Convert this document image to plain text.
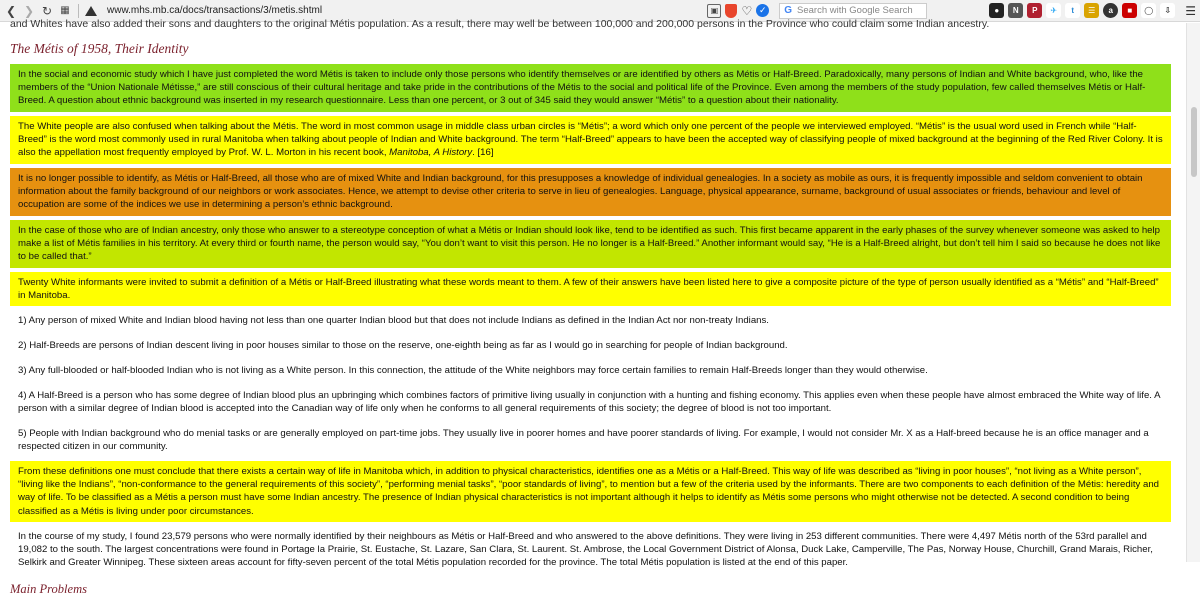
❮ ❯ ↻ ▦	www.mhs.mb.ca/docs/transactions/3/metis.shtml	▣ ♡ ✓ G Search with Google Search	●	N	P	✈	t	☰	a	■	◯	⇩	☰
and Whites have also added their sons and daughters to the original Métis population. As a result, there may well be between 100,000 and 200,000 persons in the Province who could claim some Indian ancestry.
The Métis of 1958, Their Identity
In the social and economic study which I have just completed the word Métis is taken to include only those persons who identify themselves or are identified by others as Métis or Half-Breed. Paradoxically, many persons of Indian and White background, who, like the members of the “Union Nationale Métisse,” are still conscious of their cultural heritage and take pride in the contributions of the Métis to the social and political life of the Province. Even among the members of the study population, few called themselves Métis or Half-Breed. A question about ethnic background was inserted in my research questionnaire. Less than one percent, or 3 out of 345 said they would answer “Métis” to a question about their nationality.
The White people are also confused when talking about the Métis. The word in most common usage in middle class urban circles is “Métis”; a word which only one percent of the people we interviewed employed. “Métis” is the usual word used in French while “Half-Breed” is the word most commonly used in rural Manitoba when talking about people of Indian and White background. The term “Half-Breed” appears to have been the accepted way of classifying people of mixed background at the beginning of the Red River Colony. It is also the appellation most frequently employed by Prof. W. L. Morton in his recent book, Manitoba, A History. [16]
It is no longer possible to identify, as Métis or Half-Breed, all those who are of mixed White and Indian background, for this presupposes a knowledge of individual genealogies. In a society as mobile as ours, it is frequently impossible and seldom convenient to obtain information about the family background of our neighbors or work associates. Hence, we attempt to devise other criteria to serve in lieu of genealogies. Language, physical appearance, surname, background of usual associates or friends, behaviour and level of occupation are some of the indices we use in determining a person’s ethnic background.
In the case of those who are of Indian ancestry, only those who answer to a stereotype conception of what a Métis or Indian should look like, tend to be identified as such. This first became apparent in the early phases of the survey whenever someone was asked to help make a list of Métis families in his territory. At every third or fourth name, the person would say, “You don’t want to visit this person. He no longer is a Half-Breed.” Another informant would say, “He is a Half-Breed alright, but don’t tell him I said so because he does not like to be called that.”
Twenty White informants were invited to submit a definition of a Métis or Half-Breed illustrating what these words meant to them. A few of their answers have been listed here to give a composite picture of the type of person usually identified as a “Métis” and “Half-Breed” in Manitoba.
1) Any person of mixed White and Indian blood having not less than one quarter Indian blood but that does not include Indians as defined in the Indian Act nor non-treaty Indians.
2) Half-Breeds are persons of Indian descent living in poor houses similar to those on the reserve, one-eighth being as far as I would go in searching for people of Indian background.
3) Any full-blooded or half-blooded Indian who is not living as a White person. In this connection, the attitude of the White neighbors may force certain families to remain Half-Breeds longer than they would otherwise.
4) A Half-Breed is a person who has some degree of Indian blood plus an upbringing which combines factors of primitive living usually in conjunction with a hunting and fishing economy. This applies even when these people have almost embraced the White way of life. A person with a similar degree of Indian blood is accepted into the Canadian way of life only when he conforms to all general requirements of this society; the degree of blood is not too important.
5) People with Indian background who do menial tasks or are generally employed on part-time jobs. They usually live in poorer homes and have poorer standards of living. For example, I would not consider Mr. X as a Half-breed because he is an office manager and a respected citizen in our community.
From these definitions one must conclude that there exists a certain way of life in Manitoba which, in addition to physical characteristics, identifies one as a Métis or a Half-Breed. This way of life was described as “living in poor houses”, “not living as a White person”, “living like the Indians”, “non-conformance to the general requirements of this society”, “performing menial tasks”, “poor standards of living”, to mention but a few of the criteria used by the informants. There are two components to each definition of the Métis: heredity and way of life. To be classified as a Métis a person must have some Indian ancestry. The presence of Indian physical characteristics is not important although it helps to identify as Métis some persons who might otherwise not be detected. A second condition to being classified as a Métis is living under poor circumstances.
In the course of my study, I found 23,579 persons who were normally identified by their neighbours as Métis or Half-Breed and who answered to the above definitions. They were living in 253 different communities. There were 4,497 Métis north of the 53rd parallel and 19,082 to the south. The largest concentrations were found in Portage la Prairie, St. Eustache, St. Lazare, San Clara, St. Laurent. St. Ambrose, the Local Government District of Alonsa, Duck Lake, Camperville, The Pas, Norway House, Churchill, Grand Marais, Richer, Selkirk and Greater Winnipeg. These sixteen areas account for fifty-seven percent of the total Métis population recorded for the province. The total Métis population is listed at the end of this paper.
Main Problems
